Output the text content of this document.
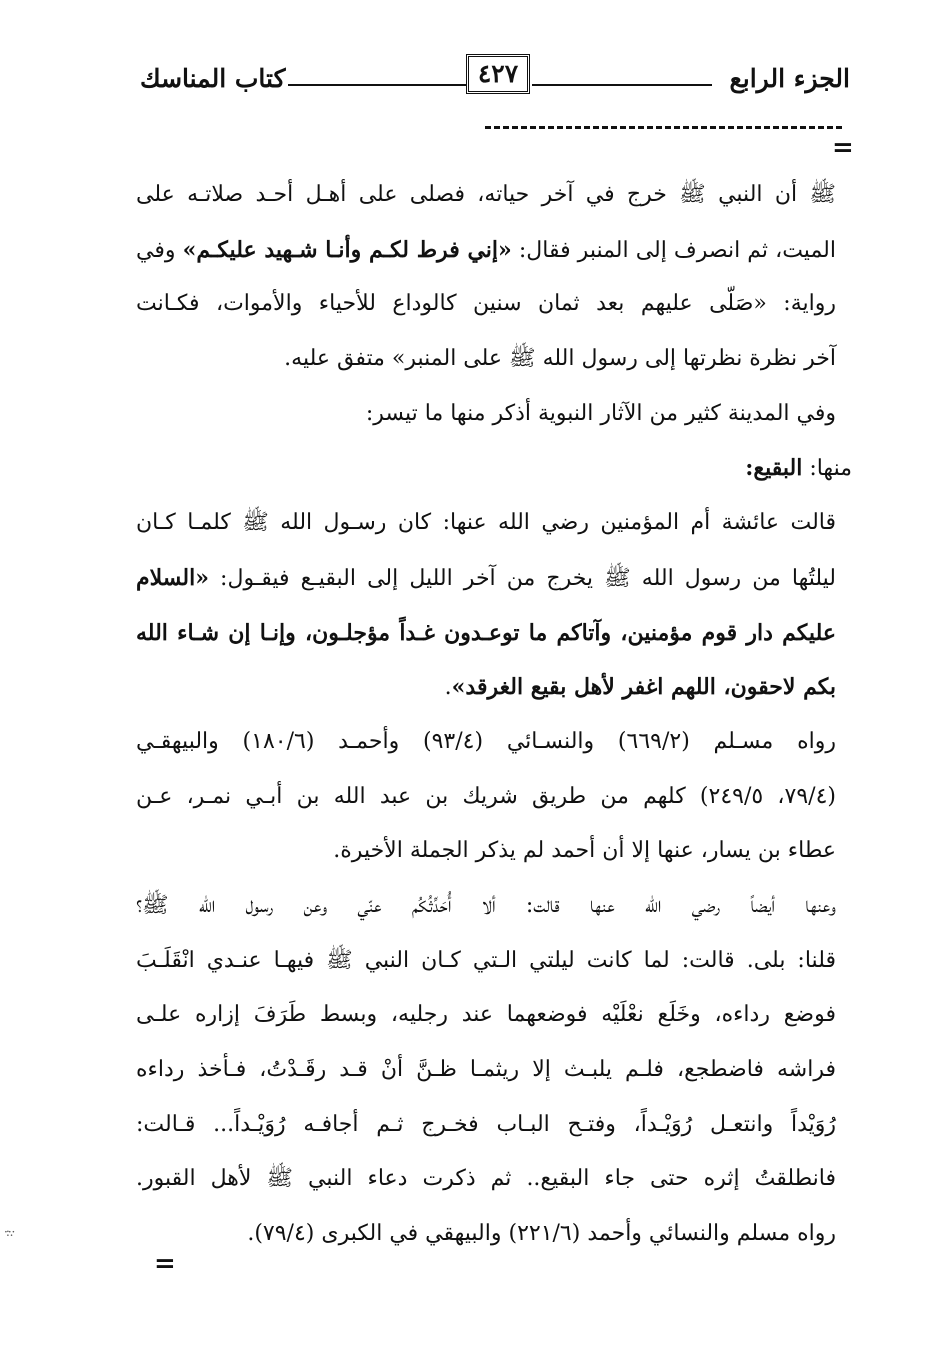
الجزء الرابع
٤٢٧
كتاب المناسك
=
ﷺ أن النبي ﷺ خرج في آخر حياته، فصلى على أهـل أحـد صلاتـه على
الميت، ثم انصرف إلى المنبر فقال: «إني فرط لكـم وأنـا شـهيد عليكـم» وفي
رواية: «صَلّى عليهم بعد ثمان سنين كالوداع للأحياء والأموات، فكـانت
آخر نظرة نظرتها إلى رسول الله ﷺ على المنبر» متفق عليه.
وفي المدينة كثير من الآثار النبوية أذكر منها ما تيسر:
منها: البقيع:
قالت عائشة أم المؤمنين رضي الله عنها: كان رسـول الله ﷺ كلمـا كـان
ليلتُها من رسول الله ﷺ يخرج من آخر الليل إلى البقيـع فيقـول: «السلام
عليكم دار قوم مؤمنين، وآتاكم ما توعـدون غـداً مؤجلـون، وإنـا إن شـاء الله
بكم لاحقون، اللهم اغفر لأهل بقيع الغرقد».
رواه مسـلم (٦٦٩/٢) والنسـائي (٩٣/٤) وأحمـد (١٨٠/٦) والبيهقـي
(٧٩/٤، ٢٤٩/٥) كلهم من طريق شريك بن عبد الله بن أبـي نمـر، عـن
عطاء بن يسار، عنها إلا أن أحمد لم يذكر الجملة الأخيرة.
وعنها أيضاً رضي الله عنها قالت: ألا أُحَدِّثُكُم عنّي وعن رسول الله ﷺ؟
قلنا: بلى. قالت: لما كانت ليلتي الـتي كـان النبي ﷺ فيهـا عنـدي انْقَلَـبَ
فوضع رداءه، وخَلَع نعْلَيْه فوضعهما عند رجليه، وبسط طَرَفَ إزاره علـى
فراشه فاضطجع، فلـم يلبـث إلا ريثمـا ظـنَّ أنْ قـد رقَـدْتُ، فـأخذ رداءه
رُوَيْداً وانتعـل رُوَيْـداً، وفتـح البـاب فخـرج ثـم أجافـه رُوَيْـداً... قـالت:
فانطلقتُ إثره حتى جاء البقيع.. ثم ذكرت دعاء النبي ﷺ لأهل القبور.
رواه مسلم والنسائي وأحمد (٢٢١/٦) والبيهقي في الكبرى (٧٩/٤).
=
·:·.·
